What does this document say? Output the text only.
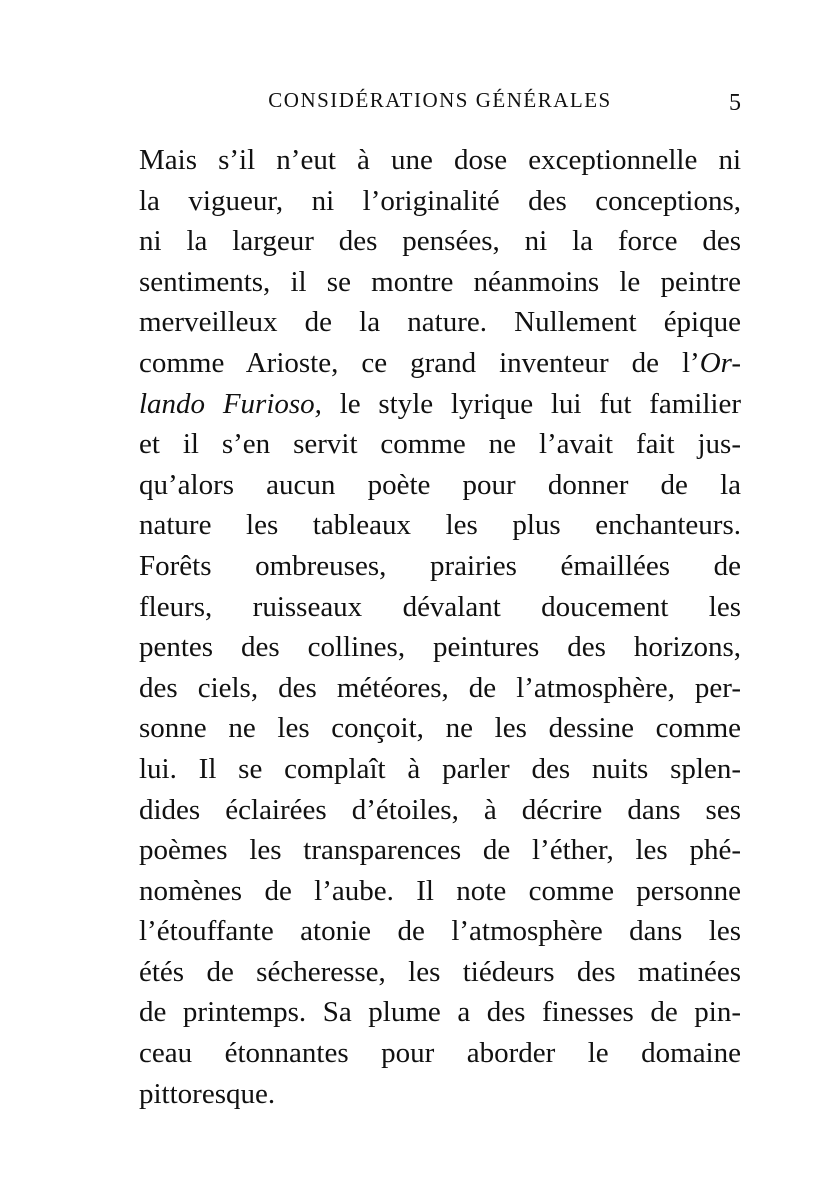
CONSIDÉRATIONS GÉNÉRALES	5
Mais s’il n’eut à une dose exceptionnelle ni
la vigueur, ni l’originalité des conceptions,
ni la largeur des pensées, ni la force des
sentiments, il se montre néanmoins le peintre
merveilleux de la nature. Nullement épique
comme Arioste, ce grand inventeur de l’Or-
lando Furioso, le style lyrique lui fut familier
et il s’en servit comme ne l’avait fait jus-
qu’alors aucun poète pour donner de la
nature les tableaux les plus enchanteurs.
Forêts ombreuses, prairies émaillées de
fleurs, ruisseaux dévalant doucement les
pentes des collines, peintures des horizons,
des ciels, des météores, de l’atmosphère, per-
sonne ne les conçoit, ne les dessine comme
lui. Il se complaît à parler des nuits splen-
dides éclairées d’étoiles, à décrire dans ses
poèmes les transparences de l’éther, les phé-
nomènes de l’aube. Il note comme personne
l’étouffante atonie de l’atmosphère dans les
étés de sécheresse, les tiédeurs des matinées
de printemps. Sa plume a des finesses de pin-
ceau étonnantes pour aborder le domaine
pittoresque.
